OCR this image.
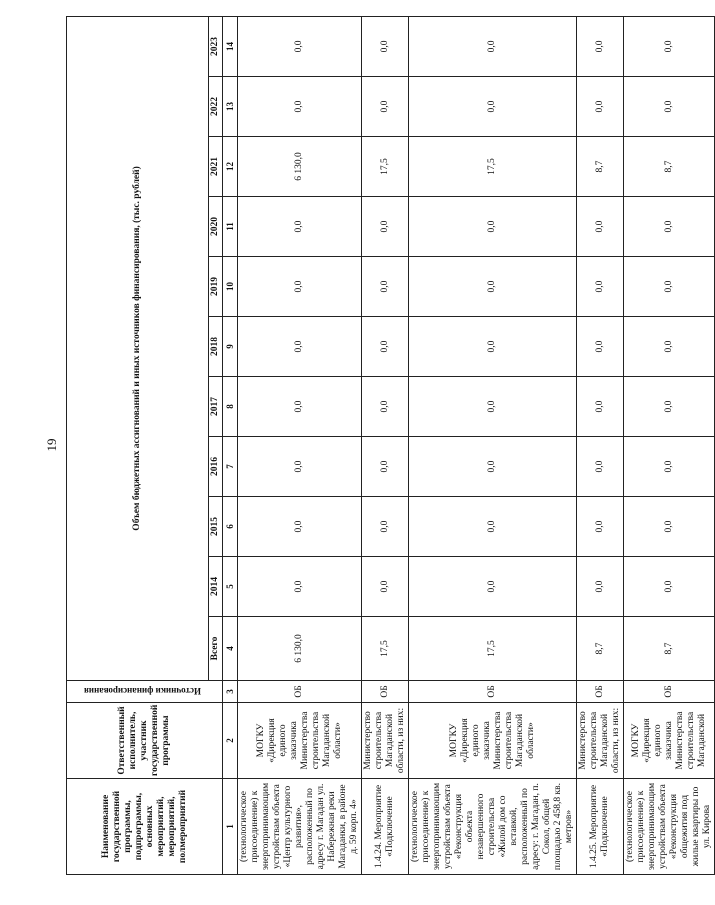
19
Наименование государственной программы, подпрограммы, основных мероприятий, мероприятий, полмероприятий	Ответственный исполнитель, участник государственной программы	Источники финансирования	Объем бюджетных ассигнований и иных источников финансирования, (тыс. рублей)										
			Всего	2014	2015	2016	2017	2018	2019	2020	2021	2022	2023
1	2	3	4	5	6	7	8	9	10	11	12	13	14
(технологическое присоединение) к энергопринимающим устройствам объекта «Центр культурного развития», расположенный по адресу г. Магадан ул. Набережная реки Магаданки, в районе д. 59 корп. 4»	МОГКУ «Дирекция единого заказчика Министерства строительства Магаданской области»	ОБ	6 130,0	0,0	0,0	0,0	0,0	0,0	0,0	0,0	6 130,0	0,0	0,0
1.4.24. Мероприятие «Подключение	Министерство строительства Магаданской области, из них:	ОБ	17,5	0,0	0,0	0,0	0,0	0,0	0,0	0,0	17,5	0,0	0,0
(технологическое присоединение) к энергопринимающим устройствам объекта «Реконструкция объекта незавершенного строительства «Жилой дом со вставкой, расположенный по адресу: г. Магадан, п. Сокол, общей площадью 2 458,8 кв. метров»	МОГКУ «Дирекция единого заказчика Министерства строительства Магаданской области»	ОБ	17,5	0,0	0,0	0,0	0,0	0,0	0,0	0,0	17,5	0,0	0,0
1.4.25. Мероприятие «Подключение	Министерство строительства Магаданской области, из них:	ОБ	8,7	0,0	0,0	0,0	0,0	0,0	0,0	0,0	8,7	0,0	0,0
(технологическое присоединение) к энергопринимающим устройствам объекта «Реконструкция общежития под жилые квартиры по ул. Кирова	МОГКУ «Дирекция единого заказчика Министерства строительства Магаданской	ОБ	8,7	0,0	0,0	0,0	0,0	0,0	0,0	0,0	8,7	0,0	0,0
